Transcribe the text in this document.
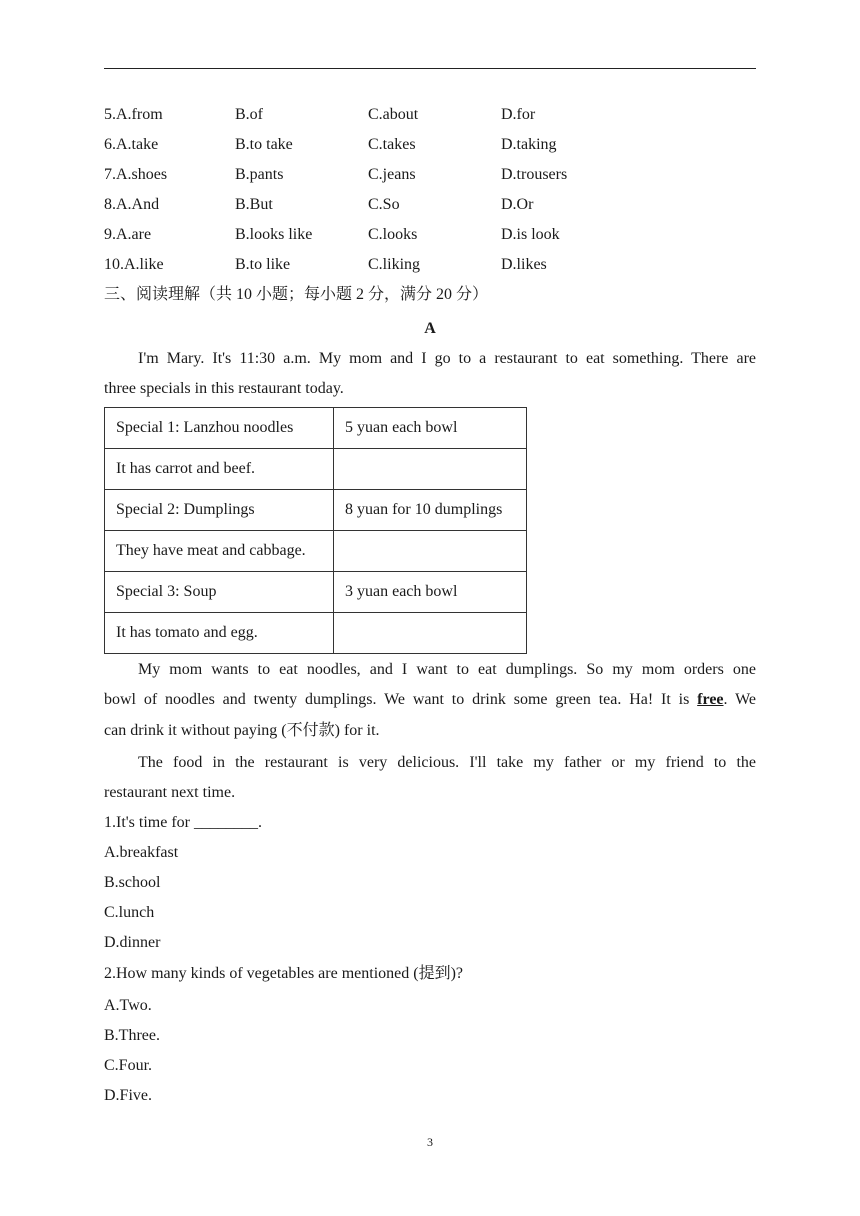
5.A.from	B.of	C.about	D.for
6.A.take	B.to take	C.takes	D.taking
7.A.shoes	B.pants	C.jeans	D.trousers
8.A.And	B.But	C.So	D.Or
9.A.are	B.looks like	C.looks	D.is look
10.A.like	B.to like	C.liking	D.likes
三、阅读理解（共 10 小题；每小题 2 分，满分 20 分）
A
I'm Mary. It's 11:30 a.m. My mom and I go to a restaurant to eat something. There are
three specials in this restaurant today.
Special 1: Lanzhou noodles	5 yuan each bowl
It has carrot and beef.	
Special 2: Dumplings	8 yuan for 10 dumplings
They have meat and cabbage.	
Special 3: Soup	3 yuan each bowl
It has tomato and egg.	
My mom wants to eat noodles, and I want to eat dumplings. So my mom orders one
bowl of noodles and twenty dumplings. We want to drink some green tea. Ha! It is free. We
can drink it without paying (不付款) for it.
The food in the restaurant is very delicious. I'll take my father or my friend to the
restaurant next time.
1.It's time for ________.
A.breakfast
B.school
C.lunch
D.dinner
2.How many kinds of vegetables are mentioned (提到)?
A.Two.
B.Three.
C.Four.
D.Five.
3
